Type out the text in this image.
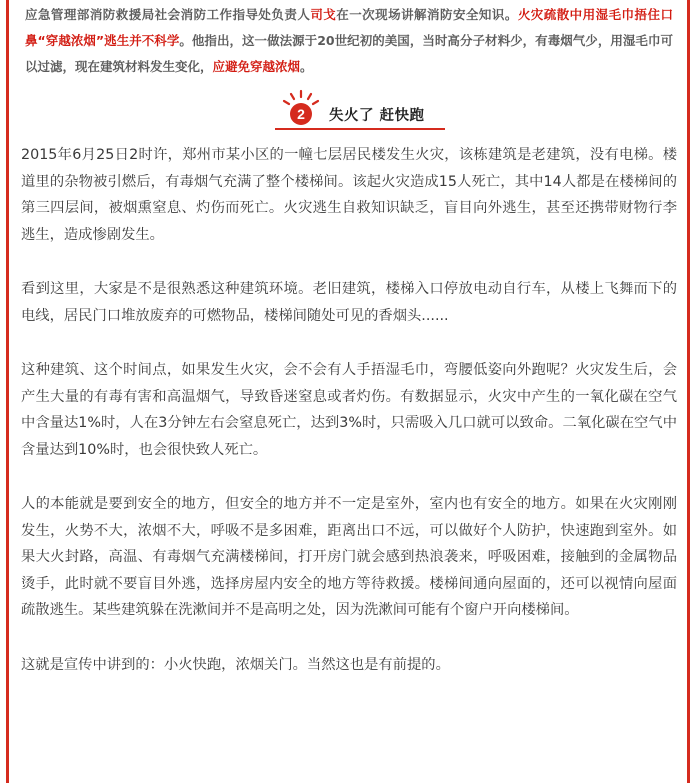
应急管理部消防救援局社会消防工作指导处负责人司戈在一次现场讲解消防安全知识。火灾疏散中用湿毛巾捂住口鼻“穿越浓烟”逃生并不科学。他指出，这一做法源于20世纪初的美国，当时高分子材料少，有毒烟气少，用湿毛巾可以过滤，现在建筑材料发生变化，应避免穿越浓烟。

2	失火了 赶快跑

2015年6月25日2时许，郑州市某小区的一幢七层居民楼发生火灾，该栋建筑是老建筑，没有电梯。楼道里的杂物被引燃后，有毒烟气充满了整个楼梯间。该起火灾造成15人死亡，其中14人都是在楼梯间的第三四层间，被烟熏窒息、灼伤而死亡。火灾逃生自救知识缺乏，盲目向外逃生，甚至还携带财物行李逃生，造成惨剧发生。

看到这里，大家是不是很熟悉这种建筑环境。老旧建筑，楼梯入口停放电动自行车，从楼上飞舞而下的电线，居民门口堆放废弃的可燃物品，楼梯间随处可见的香烟头......

这种建筑、这个时间点，如果发生火灾，会不会有人手捂湿毛巾，弯腰低姿向外跑呢？火灾发生后，会产生大量的有毒有害和高温烟气，导致昏迷窒息或者灼伤。有数据显示，火灾中产生的一氧化碳在空气中含量达1%时，人在3分钟左右会窒息死亡，达到3%时，只需吸入几口就可以致命。二氧化碳在空气中含量达到10%时，也会很快致人死亡。

人的本能就是要到安全的地方，但安全的地方并不一定是室外，室内也有安全的地方。如果在火灾刚刚发生，火势不大，浓烟不大，呼吸不是多困难，距离出口不远，可以做好个人防护，快速跑到室外。如果大火封路，高温、有毒烟气充满楼梯间，打开房门就会感到热浪袭来，呼吸困难，接触到的金属物品烫手，此时就不要盲目外逃，选择房屋内安全的地方等待救援。楼梯间通向屋面的，还可以视情向屋面疏散逃生。某些建筑躲在洗漱间并不是高明之处，因为洗漱间可能有个窗户开向楼梯间。

这就是宣传中讲到的：小火快跑，浓烟关门。当然这也是有前提的。
